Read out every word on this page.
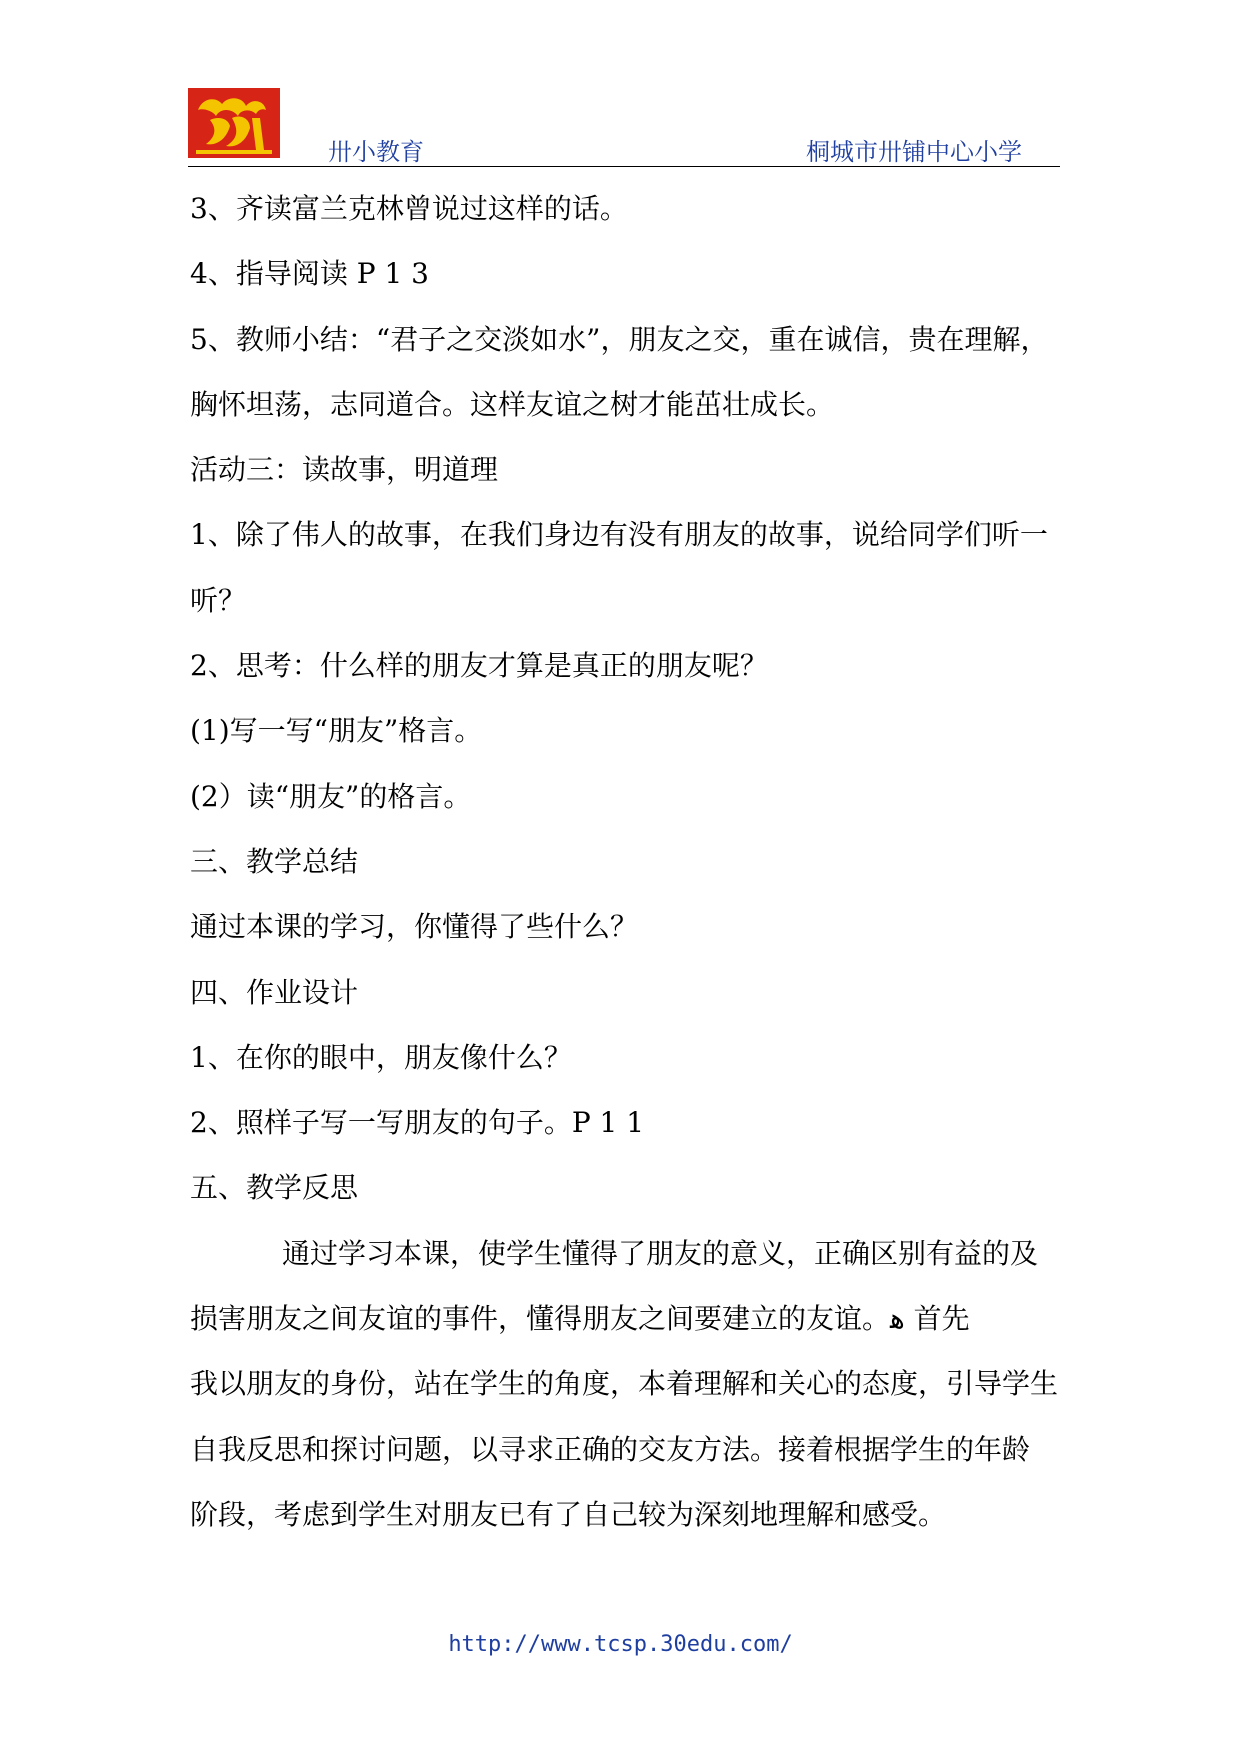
卅小教育	桐城市卅铺中心小学
3、齐读富兰克林曾说过这样的话。
4、指导阅读 P 1 3
5、教师小结：“君子之交淡如水”，朋友之交，重在诚信，贵在理解，
胸怀坦荡，志同道合。这样友谊之树才能茁壮成长。
活动三：读故事，明道理
1、除了伟人的故事，在我们身边有没有朋友的故事，说给同学们听一
听？
2、思考：什么样的朋友才算是真正的朋友呢？
(1)写一写“朋友”格言。
(2）读“朋友”的格言。
三、教学总结
通过本课的学习，你懂得了些什么？
四、作业设计
1、在你的眼中，朋友像什么？
2、照样子写一写朋友的句子。P 1 1
五、教学反思
通过学习本课，使学生懂得了朋友的意义，正确区别有益的及
损害朋友之间友谊的事件，懂得朋友之间要建立的友谊。ﻫ 首先
我以朋友的身份，站在学生的角度，本着理解和关心的态度，引导学生
自我反思和探讨问题，以寻求正确的交友方法。接着根据学生的年龄
阶段，考虑到学生对朋友已有了自己较为深刻地理解和感受。
http://www.tcsp.30edu.com/
